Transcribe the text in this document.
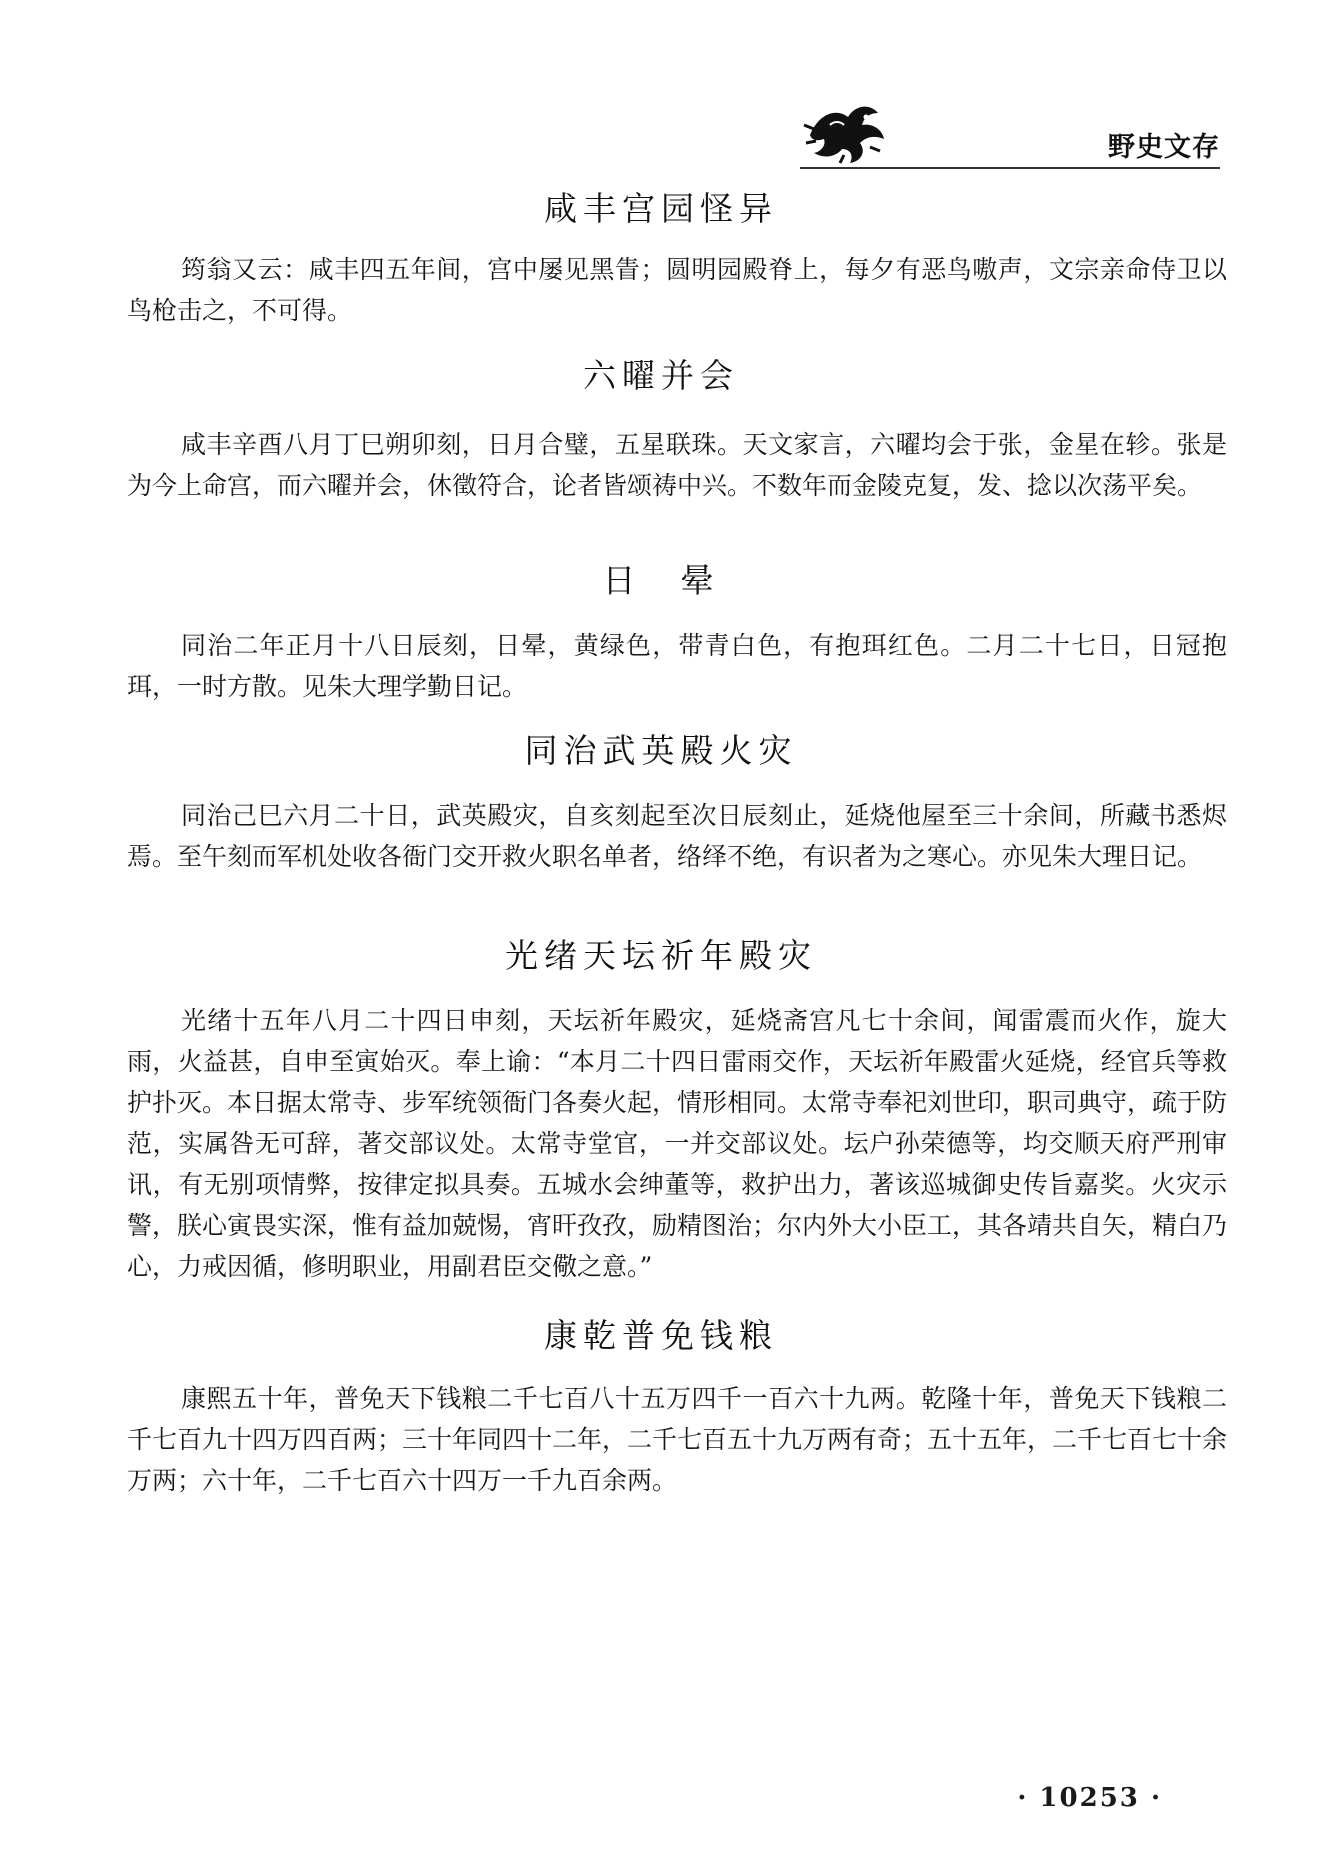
野史文存
咸丰宫园怪异

筠翁又云：咸丰四五年间，宫中屡见黑眚；圆明园殿脊上，每夕有恶鸟嗷声，文宗亲命侍卫以鸟枪击之，不可得。

六曜并会

咸丰辛酉八月丁巳朔卯刻，日月合璧，五星联珠。天文家言，六曜均会于张，金星在轸。张是为今上命宫，而六曜并会，休徵符合，论者皆颂祷中兴。不数年而金陵克复，发、捻以次荡平矣。

日　晕

同治二年正月十八日辰刻，日晕，黄绿色，带青白色，有抱珥红色。二月二十七日，日冠抱珥，一时方散。见朱大理学勤日记。

同治武英殿火灾

同治己巳六月二十日，武英殿灾，自亥刻起至次日辰刻止，延烧他屋至三十余间，所藏书悉烬焉。至午刻而军机处收各衙门交开救火职名单者，络绎不绝，有识者为之寒心。亦见朱大理日记。

光绪天坛祈年殿灾

光绪十五年八月二十四日申刻，天坛祈年殿灾，延烧斋宫凡七十余间，闻雷震而火作，旋大雨，火益甚，自申至寅始灭。奉上谕：“本月二十四日雷雨交作，天坛祈年殿雷火延烧，经官兵等救护扑灭。本日据太常寺、步军统领衙门各奏火起，情形相同。太常寺奉祀刘世印，职司典守，疏于防范，实属咎无可辞，著交部议处。太常寺堂官，一并交部议处。坛户孙荣德等，均交顺天府严刑审讯，有无别项情弊，按律定拟具奏。五城水会绅董等，救护出力，著该巡城御史传旨嘉奖。火灾示警，朕心寅畏实深，惟有益加兢惕，宵旰孜孜，励精图治；尔内外大小臣工，其各靖共自矢，精白乃心，力戒因循，修明职业，用副君臣交儆之意。”

康乾普免钱粮

康熙五十年，普免天下钱粮二千七百八十五万四千一百六十九两。乾隆十年，普免天下钱粮二千七百九十四万四百两；三十年同四十二年，二千七百五十九万两有奇；五十五年，二千七百七十余万两；六十年，二千七百六十四万一千九百余两。

· 10253 ·
